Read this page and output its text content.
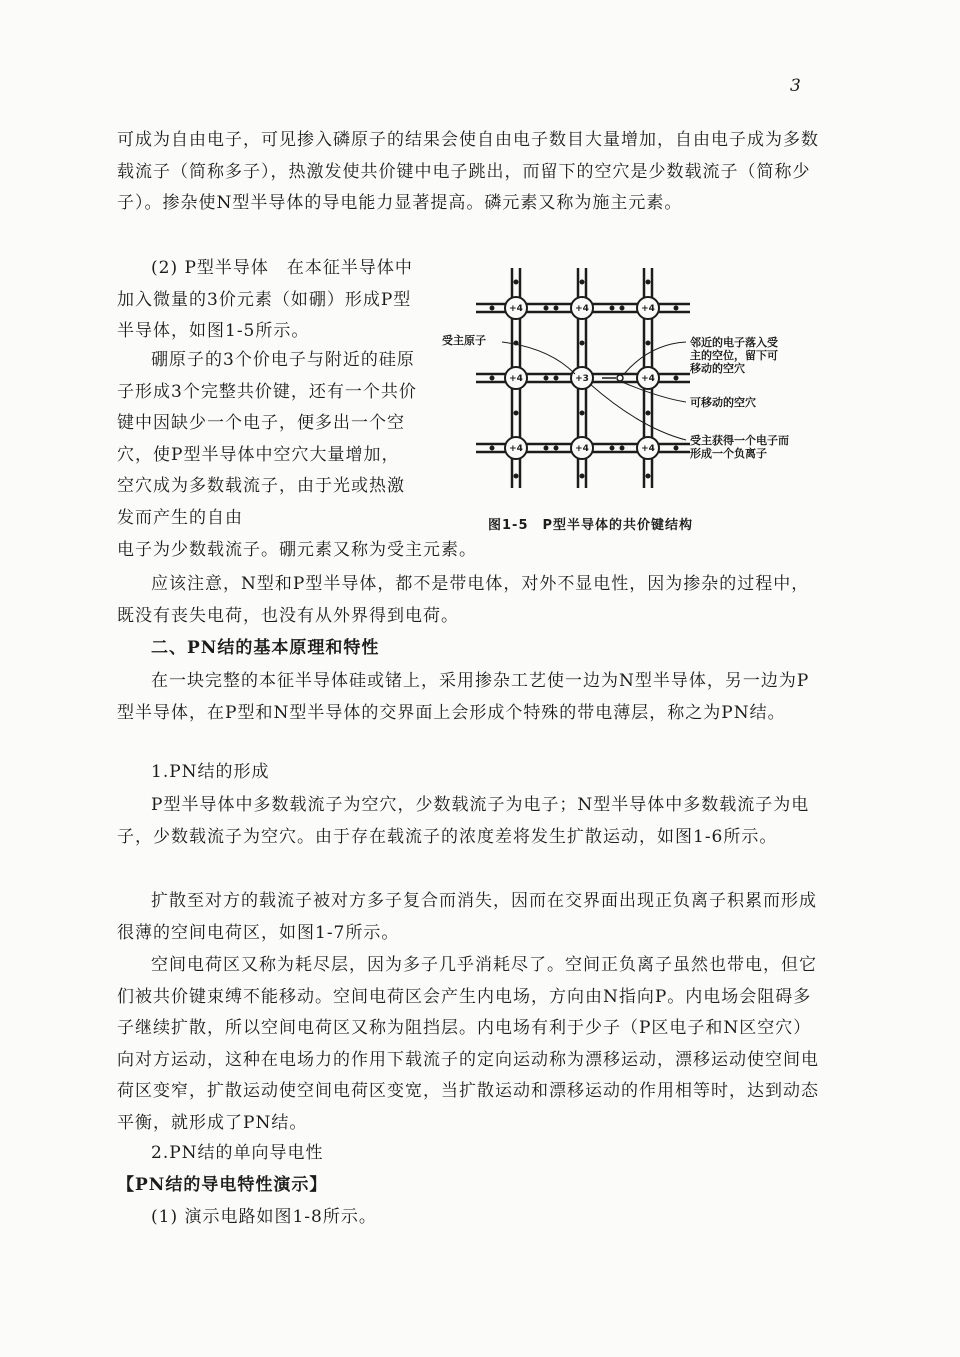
3

可成为自由电子，可见掺入磷原子的结果会使自由电子数目大量增加，自由电子成为多数载流子（简称多子），热激发使共价键中电子跳出，而留下的空穴是少数载流子（简称少子）。掺杂使N型半导体的导电能力显著提高。磷元素又称为施主元素。

(2) P型半导体　在本征半导体中加入微量的3价元素（如硼）形成P型半导体，如图1-5所示。

硼原子的3个价电子与附近的硅原子形成3个完整共价键，还有一个共价键中因缺少一个电子，便多出一个空穴，使P型半导体中空穴大量增加，空穴成为多数载流子，由于光或热激发而产生的自由

电子为少数载流子。硼元素又称为受主元素。

应该注意，N型和P型半导体，都不是带电体，对外不显电性，因为掺杂的过程中，既没有丧失电荷，也没有从外界得到电荷。

二、PN结的基本原理和特性

在一块完整的本征半导体硅或锗上，采用掺杂工艺使一边为N型半导体，另一边为P型半导体，在P型和N型半导体的交界面上会形成个特殊的带电薄层，称之为PN结。

1.PN结的形成

P型半导体中多数载流子为空穴，少数载流子为电子；N型半导体中多数载流子为电子，少数载流子为空穴。由于存在载流子的浓度差将发生扩散运动，如图1-6所示。

扩散至对方的载流子被对方多子复合而消失，因而在交界面出现正负离子积累而形成很薄的空间电荷区，如图1-7所示。

空间电荷区又称为耗尽层，因为多子几乎消耗尽了。空间正负离子虽然也带电，但它们被共价键束缚不能移动。空间电荷区会产生内电场，方向由N指向P。内电场会阻碍多子继续扩散，所以空间电荷区又称为阻挡层。内电场有利于少子（P区电子和N区空穴）向对方运动，这种在电场力的作用下载流子的定向运动称为漂移运动，漂移运动使空间电荷区变窄，扩散运动使空间电荷区变宽，当扩散运动和漂移运动的作用相等时，达到动态平衡，就形成了PN结。

2.PN结的单向导电性

【PN结的导电特性演示】

(1) 演示电路如图1-8所示。

+4	+4	+4
+4	+3	+4
+4	+4	+4
受主原子	邻近的电子落入受
主的空位，留下可
移动的空穴
可移动的空穴
受主获得一个电子而
形成一个负离子
图1-5　P型半导体的共价键结构
